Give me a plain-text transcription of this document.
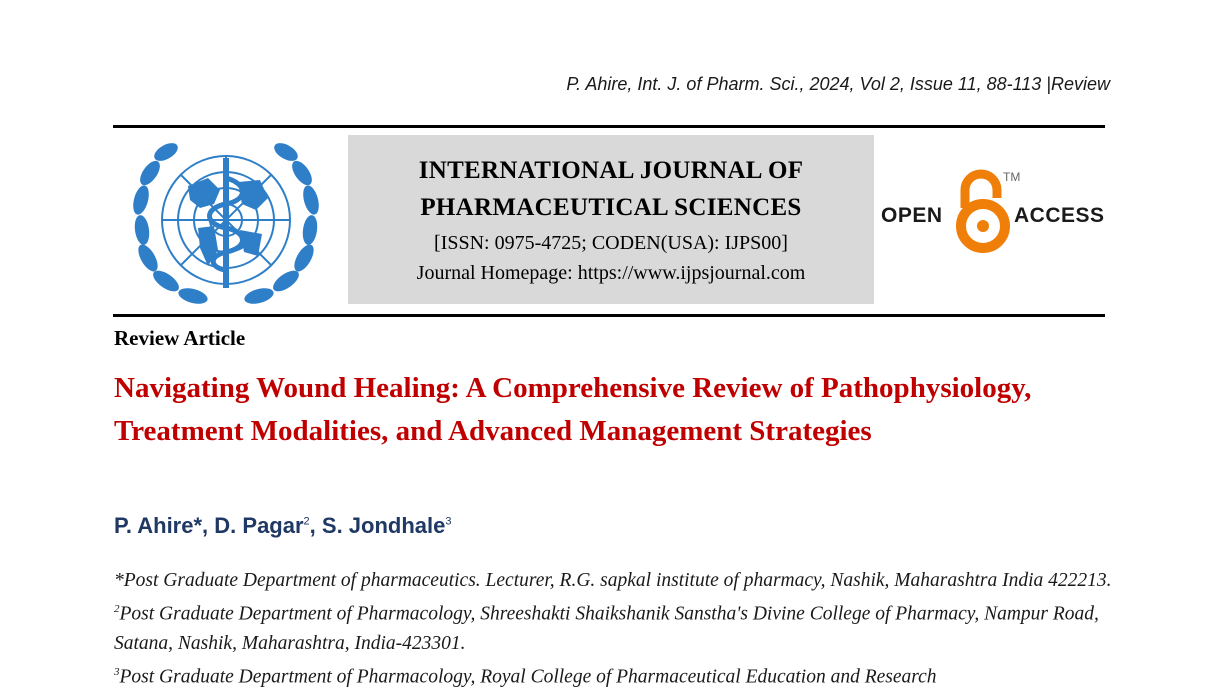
P. Ahire, Int. J. of Pharm. Sci., 2024, Vol 2, Issue 11, 88-113 |Review
INTERNATIONAL JOURNAL OF
PHARMACEUTICAL SCIENCES
[ISSN: 0975-4725; CODEN(USA): IJPS00]
Journal Homepage: https://www.ijpsjournal.com
OPEN
TM
ACCESS
Review Article
Navigating Wound Healing: A Comprehensive Review of Pathophysiology, Treatment Modalities, and Advanced Management Strategies
P. Ahire*, D. Pagar$^2$, S. Jondhale$^3$
*Post Graduate Department of pharmaceutics. Lecturer, R.G. sapkal institute of pharmacy, Nashik, Maharashtra India 422213.
$^2$Post Graduate Department of Pharmacology, Shreeshakti Shaikshanik Sanstha's Divine College of Pharmacy, Nampur Road, Satana, Nashik, Maharashtra, India-423301.
$^3$Post Graduate Department of Pharmacology, Royal College of Pharmaceutical Education and Research
